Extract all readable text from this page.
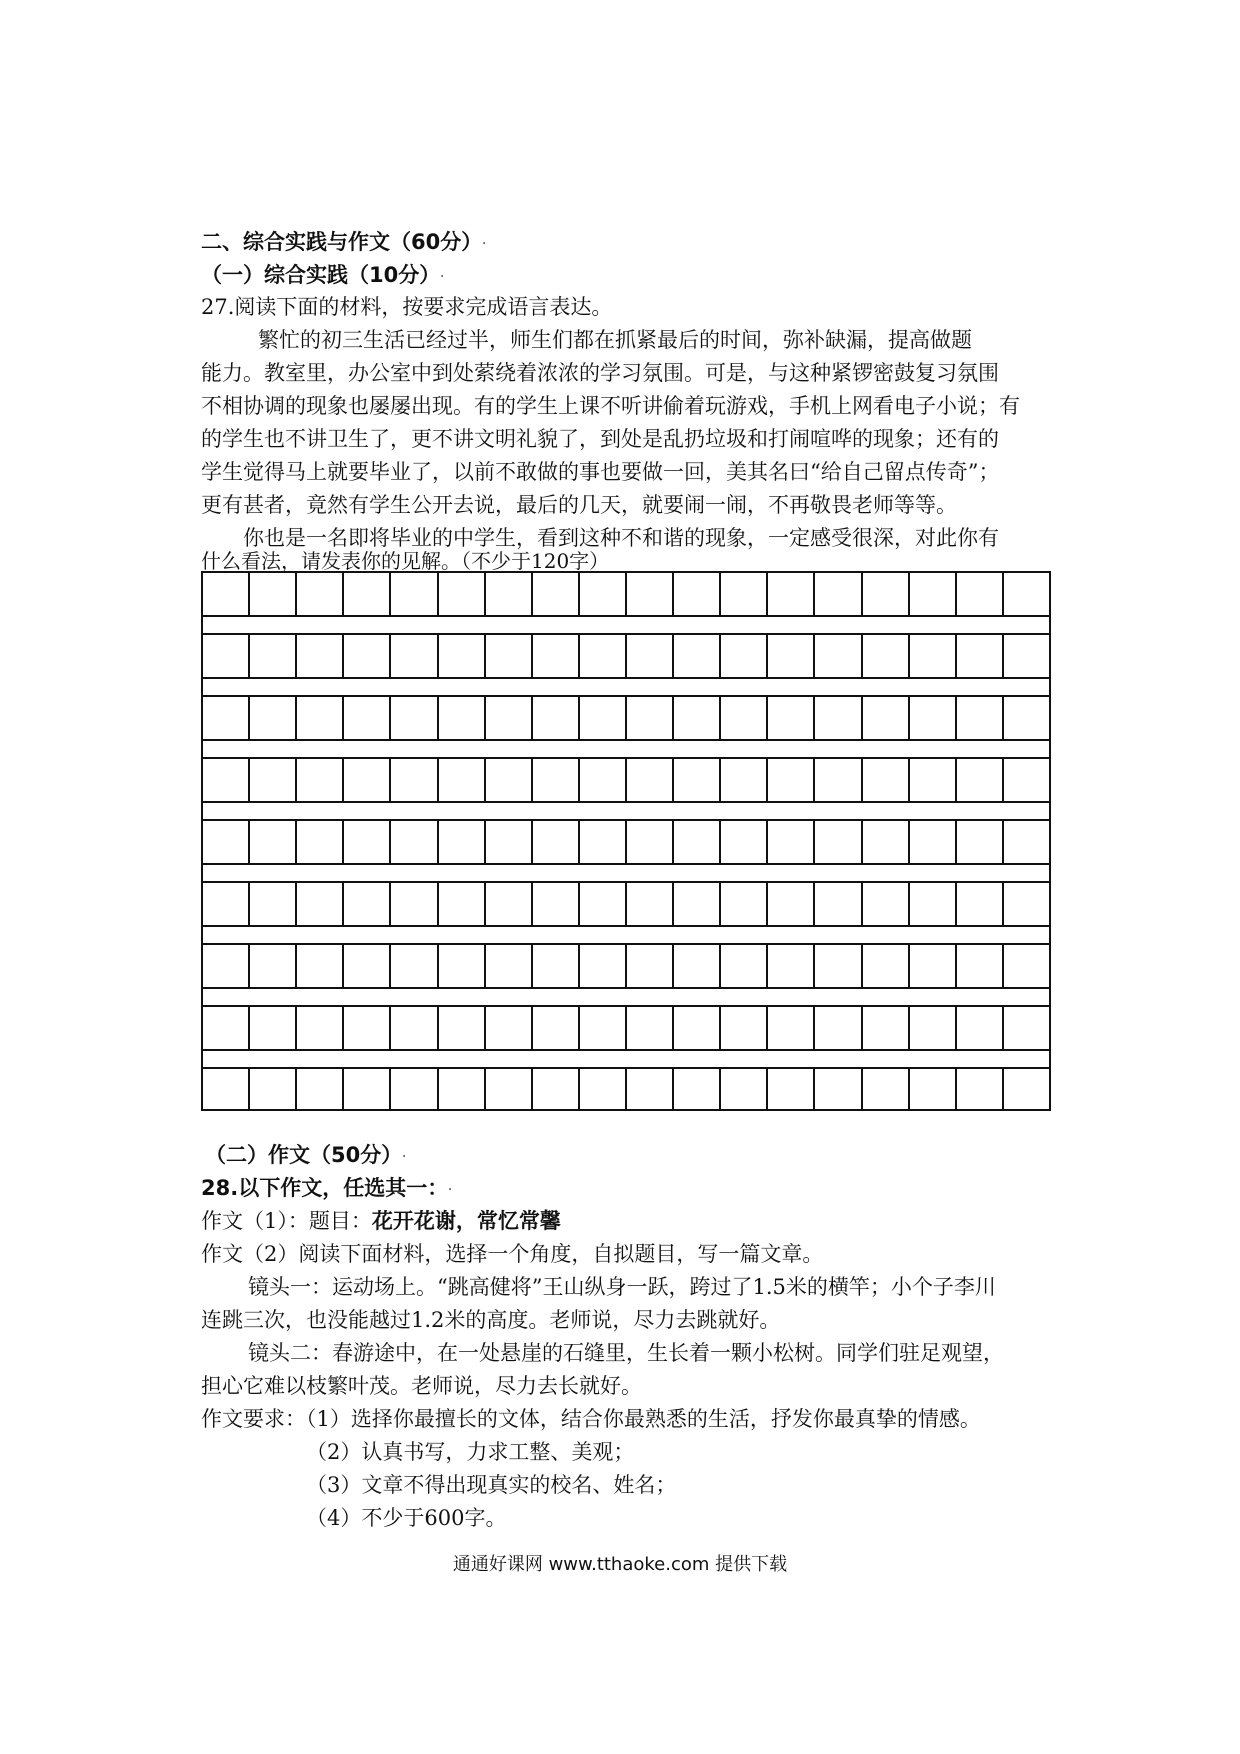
二、综合实践与作文（60分）.
（一）综合实践（10分）.
27.阅读下面的材料，按要求完成语言表达。
繁忙的初三生活已经过半，师生们都在抓紧最后的时间，弥补缺漏，提高做题
能力。教室里，办公室中到处萦绕着浓浓的学习氛围。可是，与这种紧锣密鼓复习氛围
不相协调的现象也屡屡出现。有的学生上课不听讲偷着玩游戏，手机上网看电子小说；有
的学生也不讲卫生了，更不讲文明礼貌了，到处是乱扔垃圾和打闹喧哗的现象；还有的
学生觉得马上就要毕业了，以前不敢做的事也要做一回，美其名曰“给自己留点传奇”；
更有甚者，竟然有学生公开去说，最后的几天，就要闹一闹，不再敬畏老师等等。
你也是一名即将毕业的中学生，看到这种不和谐的现象，一定感受很深，对此你有
什么看法，请发表你的见解。（不少于120字）
（二）作文（50分）.
28.以下作文，任选其一：.
作文（1）：题目：花开花谢，常忆常馨
作文（2）阅读下面材料，选择一个角度，自拟题目，写一篇文章。
镜头一：运动场上。“跳高健将”王山纵身一跃，跨过了1.5米的横竿；小个子李川
连跳三次，也没能越过1.2米的高度。老师说，尽力去跳就好。
镜头二：春游途中，在一处悬崖的石缝里，生长着一颗小松树。同学们驻足观望，
担心它难以枝繁叶茂。老师说，尽力去长就好。
作文要求：（1）选择你最擅长的文体，结合你最熟悉的生活，抒发你最真挚的情感。
（2）认真书写，力求工整、美观；
（3）文章不得出现真实的校名、姓名；
（4）不少于600字。
通通好课网 www.tthaoke.com 提供下载
